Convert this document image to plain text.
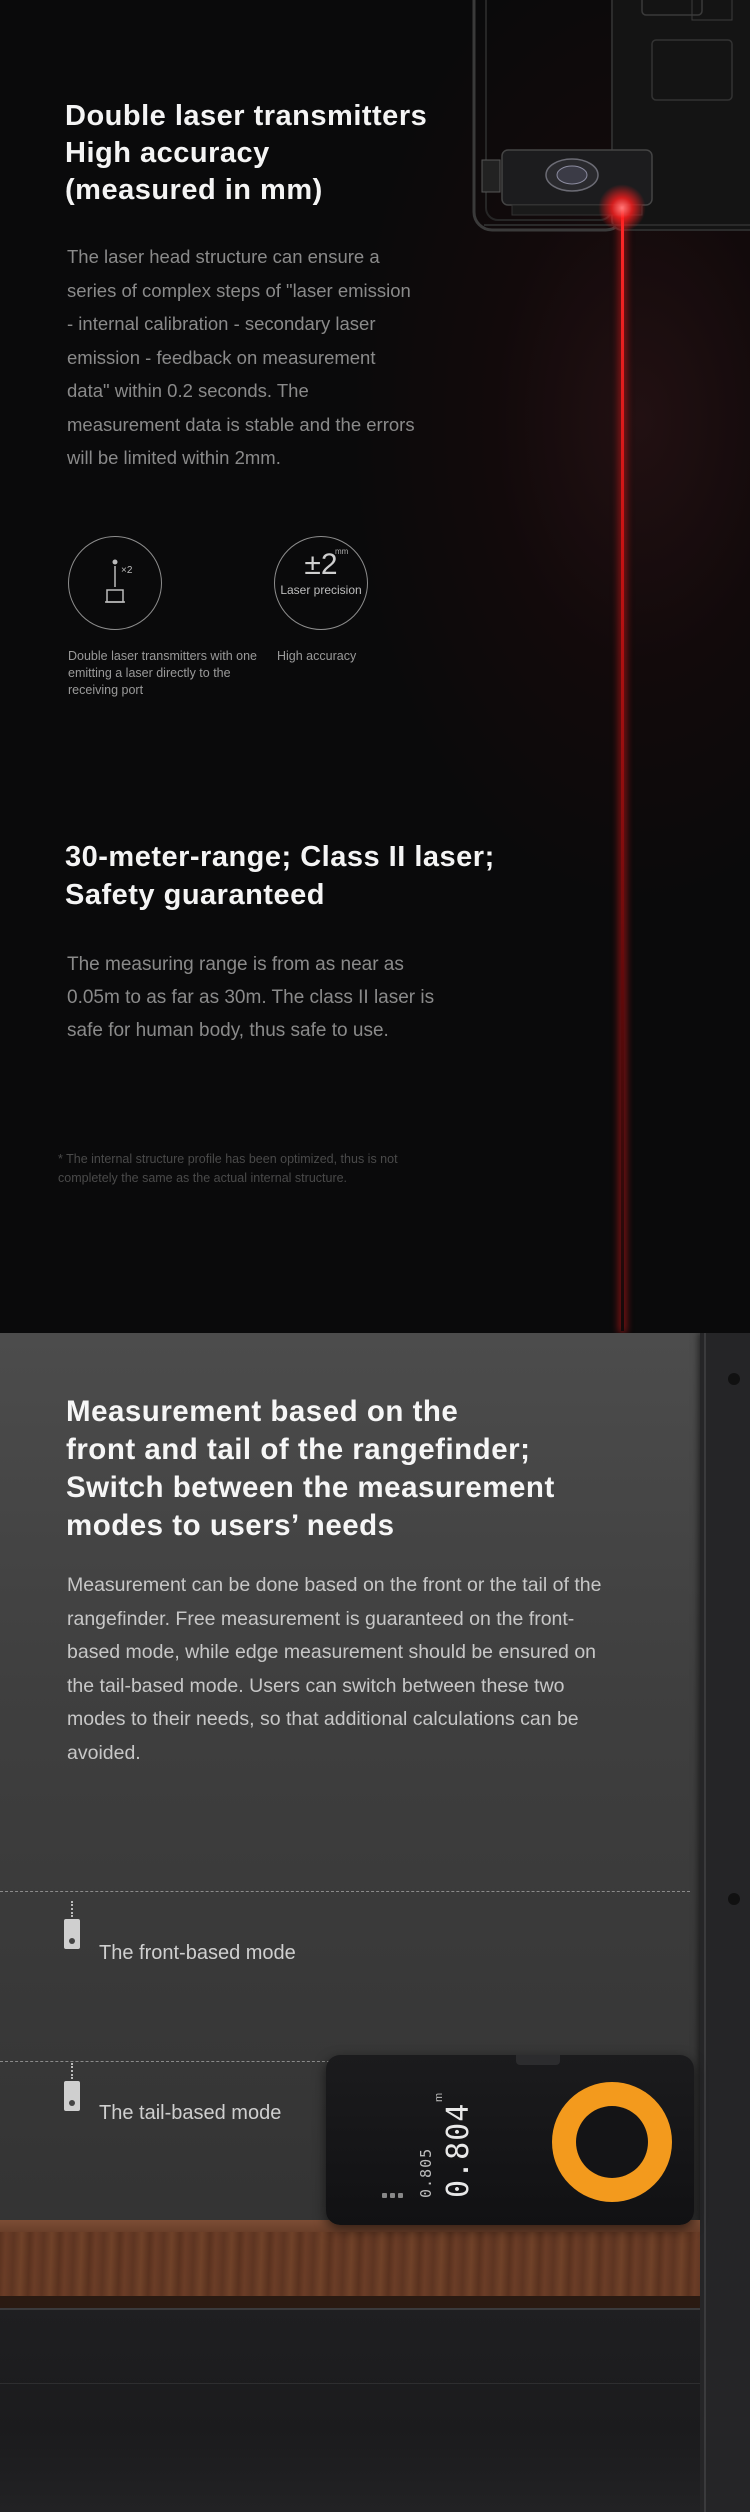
Double laser transmitters
High accuracy
(measured in mm)
The laser head structure can ensure a series of complex steps of "laser emission - internal calibration - secondary laser emission - feedback on measurement data" within 0.2 seconds. The measurement data is stable and the errors will be limited within 2mm.
×2
Double laser transmitters with one emitting a laser directly to the receiving port
±2
mm
Laser precision
High accuracy
30-meter-range; Class II laser;
Safety guaranteed
The measuring range is from as near as 0.05m to as far as 30m. The class II laser is safe for human body, thus safe to use.
* The internal structure profile has been optimized, thus is not completely the same as the actual internal structure.
Measurement based on the
front and tail of the rangefinder;
Switch between the measurement
modes to users’ needs
Measurement can be done based on the front or the tail of the rangefinder. Free measurement is guaranteed on the front-based mode, while edge measurement should be ensured on the tail-based mode. Users can switch between these two modes to their needs, so that additional calculations can be avoided.
The front-based mode
The tail-based mode
0.805 0.804
m
